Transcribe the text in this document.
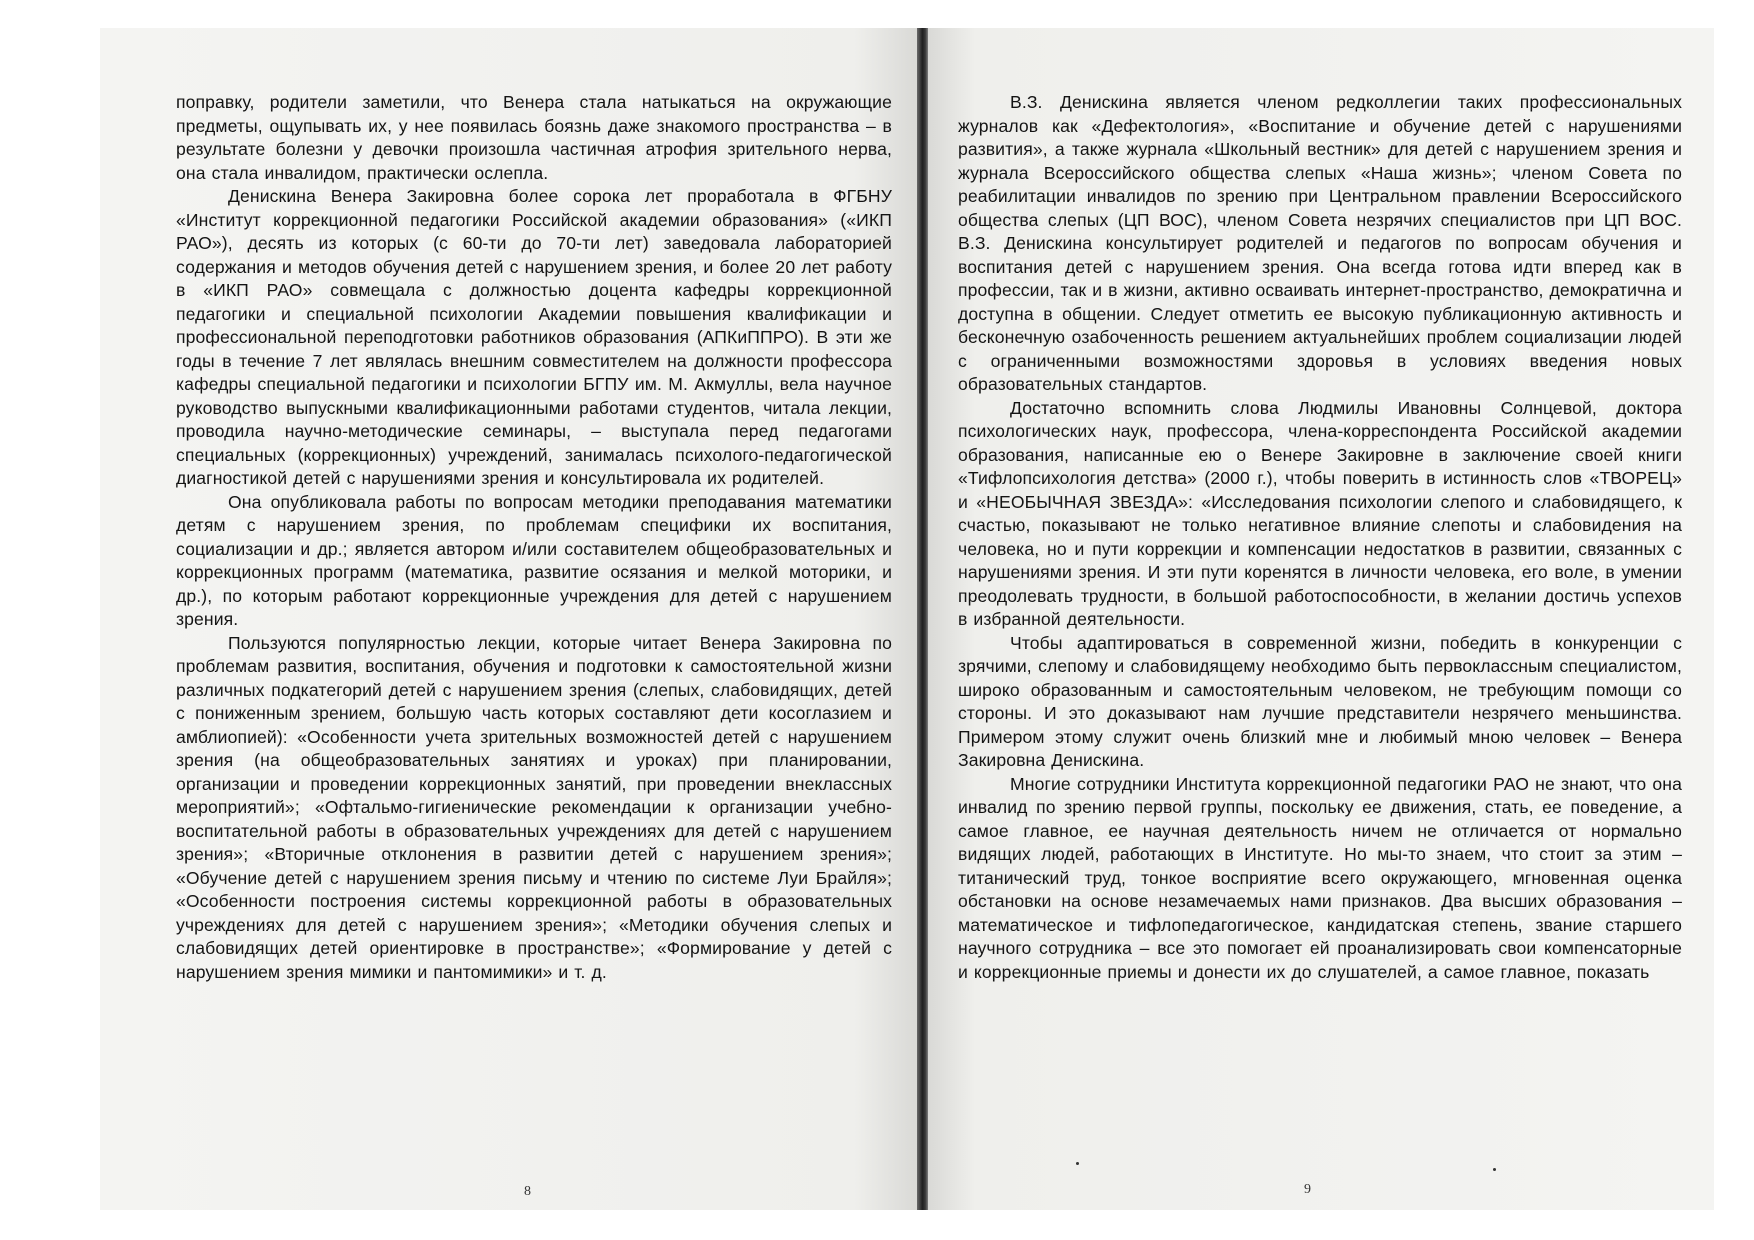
поправку, родители заметили, что Венера стала натыкаться на окружающие предметы, ощупывать их, у нее появилась боязнь даже знакомого пространства – в результате болезни у девочки произошла частичная атрофия зрительного нерва, она стала инвалидом, практически ослепла.

Денискина Венера Закировна более сорока лет проработала в ФГБНУ «Институт коррекционной педагогики Российской академии образования» («ИКП РАО»), десять из которых (с 60-ти до 70-ти лет) заведовала лабораторией содержания и методов обучения детей с нарушением зрения, и более 20 лет работу в «ИКП РАО» совмещала с должностью доцента кафедры коррекционной педагогики и специальной психологии Академии повышения квалификации и профессиональной переподготовки работников образования (АПКиППРО). В эти же годы в течение 7 лет являлась внешним совместителем на должности профессора кафедры специальной педагогики и психологии БГПУ им. М. Акмуллы, вела научное руководство выпускными квалификационными работами студентов, читала лекции, проводила научно-методические семинары, – выступала перед педагогами специальных (коррекционных) учреждений, занималась психолого-педагогической диагностикой детей с нарушениями зрения и консультировала их родителей.

Она опубликовала работы по вопросам методики преподавания математики детям с нарушением зрения, по проблемам специфики их воспитания, социализации и др.; является автором и/или составителем общеобразовательных и коррекционных программ (математика, развитие осязания и мелкой моторики, и др.), по которым работают коррекционные учреждения для детей с нарушением зрения.

Пользуются популярностью лекции, которые читает Венера Закировна по проблемам развития, воспитания, обучения и подготовки к самостоятельной жизни различных подкатегорий детей с нарушением зрения (слепых, слабовидящих, детей с пониженным зрением, большую часть которых составляют дети косоглазием и амблиопией): «Особенности учета зрительных возможностей детей с нарушением зрения (на общеобразовательных занятиях и уроках) при планировании, организации и проведении коррекционных занятий, при проведении внеклассных мероприятий»; «Офтальмо-гигиенические рекомендации к организации учебно-воспитательной работы в образовательных учреждениях для детей с нарушением зрения»; «Вторичные отклонения в развитии детей с нарушением зрения»; «Обучение детей с нарушением зрения письму и чтению по системе Луи Брайля»; «Особенности построения системы коррекционной работы в образовательных учреждениях для детей с нарушением зрения»; «Методики обучения слепых и слабовидящих детей ориентировке в пространстве»; «Формирование у детей с нарушением зрения мимики и пантомимики» и т. д.

8

В.З. Денискина является членом редколлегии таких профессиональных журналов как «Дефектология», «Воспитание и обучение детей с нарушениями развития», а также журнала «Школьный вестник» для детей с нарушением зрения и журнала Всероссийского общества слепых «Наша жизнь»; членом Совета по реабилитации инвалидов по зрению при Центральном правлении Всероссийского общества слепых (ЦП ВОС), членом Совета незрячих специалистов при ЦП ВОС. В.З. Денискина консультирует родителей и педагогов по вопросам обучения и воспитания детей с нарушением зрения. Она всегда готова идти вперед как в профессии, так и в жизни, активно осваивать интернет-пространство, демократична и доступна в общении. Следует отметить ее высокую публикационную активность и бесконечную озабоченность решением актуальнейших проблем социализации людей с ограниченными возможностями здоровья в условиях введения новых образовательных стандартов.

Достаточно вспомнить слова Людмилы Ивановны Солнцевой, доктора психологических наук, профессора, члена-корреспондента Российской академии образования, написанные ею о Венере Закировне в заключение своей книги «Тифлопсихология детства» (2000 г.), чтобы поверить в истинность слов «ТВОРЕЦ» и «НЕОБЫЧНАЯ ЗВЕЗДА»: «Исследования психологии слепого и слабовидящего, к счастью, показывают не только негативное влияние слепоты и слабовидения на человека, но и пути коррекции и компенсации недостатков в развитии, связанных с нарушениями зрения. И эти пути коренятся в личности человека, его воле, в умении преодолевать трудности, в большой работоспособности, в желании достичь успехов в избранной деятельности.

Чтобы адаптироваться в современной жизни, победить в конкуренции с зрячими, слепому и слабовидящему необходимо быть первоклассным специалистом, широко образованным и самостоятельным человеком, не требующим помощи со стороны. И это доказывают нам лучшие представители незрячего меньшинства. Примером этому служит очень близкий мне и любимый мною человек – Венера Закировна Денискина.

Многие сотрудники Института коррекционной педагогики РАО не знают, что она инвалид по зрению первой группы, поскольку ее движения, стать, ее поведение, а самое главное, ее научная деятельность ничем не отличается от нормально видящих людей, работающих в Институте. Но мы-то знаем, что стоит за этим – титанический труд, тонкое восприятие всего окружающего, мгновенная оценка обстановки на основе незамечаемых нами признаков. Два высших образования – математическое и тифлопедагогическое, кандидатская степень, звание старшего научного сотрудника – все это помогает ей проанализировать свои компенсаторные и коррекционные приемы и донести их до слушателей, а самое главное, показать

9
